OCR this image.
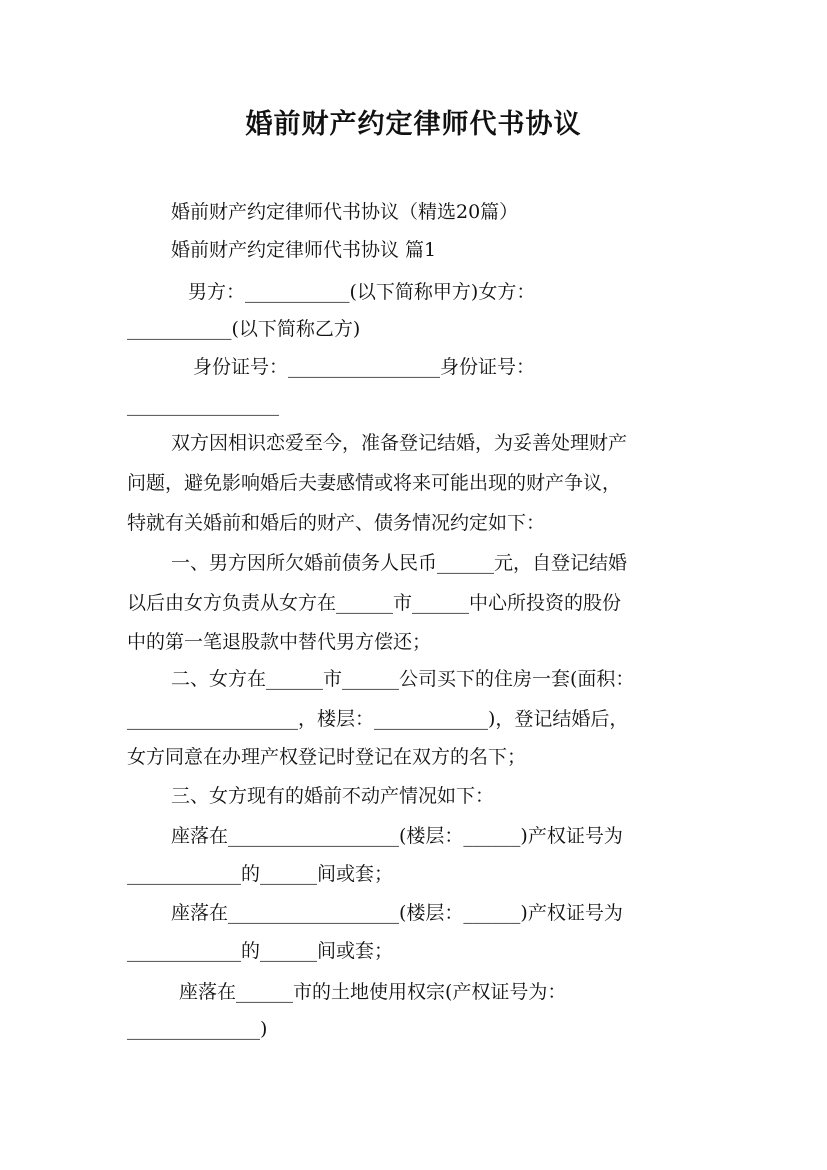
婚前财产约定律师代书协议
婚前财产约定律师代书协议（精选20篇）
婚前财产约定律师代书协议 篇1
男方：___________(以下简称甲方)女方：
___________(以下简称乙方)
身份证号：________________身份证号：
________________
双方因相识恋爱至今，准备登记结婚，为妥善处理财产
问题，避免影响婚后夫妻感情或将来可能出现的财产争议，
特就有关婚前和婚后的财产、债务情况约定如下：
一、男方因所欠婚前债务人民币______元，自登记结婚
以后由女方负责从女方在______市______中心所投资的股份
中的第一笔退股款中替代男方偿还；
二、女方在______市______公司买下的住房一套(面积：
__________________，楼层：____________)，登记结婚后，
女方同意在办理产权登记时登记在双方的名下；
三、女方现有的婚前不动产情况如下：
座落在__________________(楼层：______)产权证号为
____________的______间或套；
座落在__________________(楼层：______)产权证号为
____________的______间或套；
座落在______市的土地使用权宗(产权证号为：
______________)
